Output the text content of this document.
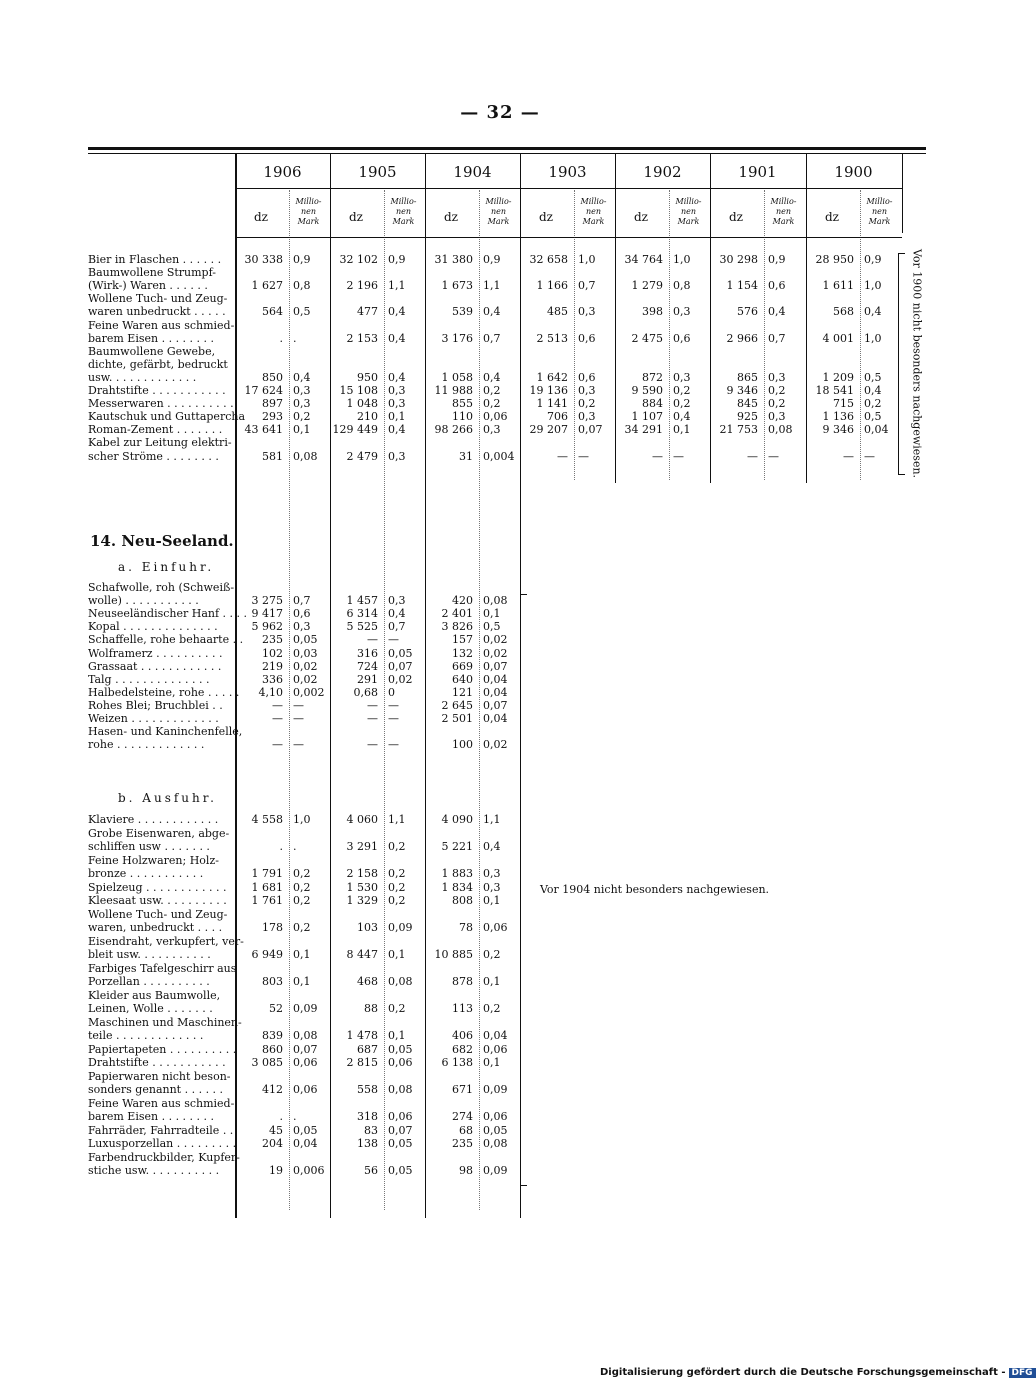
— 32 —
1906
dz
Millio-
nen
Mark
1905
dz
Millio-
nen
Mark
1904
dz
Millio-
nen
Mark
1903
dz
Millio-
nen
Mark
1902
dz
Millio-
nen
Mark
1901
dz
Millio-
nen
Mark
1900
dz
Millio-
nen
Mark
Bier in Flaschen . . . . . .	30 338 0,9	32 102 0,9	31 380 0,9	32 658 1,0	34 764 1,0	30 298 0,9	28 950 0,9
Baumwollene Strumpf-
(Wirk-) Waren . . . . . .	1 627 0,8	2 196 1,1	1 673 1,1	1 166 0,7	1 279 0,8	1 154 0,6	1 611 1,0
Wollene Tuch- und Zeug-
waren unbedruckt . . . . .	564 0,5	477 0,4	539 0,4	485 0,3	398 0,3	576 0,4	568 0,4
Feine Waren aus schmied-
barem Eisen . . . . . . . .	. .	2 153 0,4	3 176 0,7	2 513 0,6	2 475 0,6	2 966 0,7	4 001 1,0
Baumwollene Gewebe,
dichte, gefärbt, bedruckt
usw. . . . . . . . . . . . .	850 0,4	950 0,4	1 058 0,4	1 642 0,6	872 0,3	865 0,3	1 209 0,5
Drahtstifte . . . . . . . . . . .	17 624 0,3	15 108 0,3	11 988 0,2	19 136 0,3	9 590 0,2	9 346 0,2	18 541 0,4
Messerwaren . . . . . . . . . .	897 0,3	1 048 0,3	855 0,2	1 141 0,2	884 0,2	845 0,2	715 0,2
Kautschuk und Guttapercha	293 0,2	210 0,1	110 0,06	706 0,3	1 107 0,4	925 0,3	1 136 0,5
Roman-Zement . . . . . . .	43 641 0,1	129 449 0,4	98 266 0,3	29 207 0,07	34 291 0,1	21 753 0,08	9 346 0,04
Kabel zur Leitung elektri-
scher Ströme . . . . . . . .	581 0,08	2 479 0,3	31 0,004	— —	— —	— —	— —
Schafwolle, roh (Schweiß-
wolle) . . . . . . . . . . .	3 275 0,7	1 457 0,3	420 0,08
Neuseeländischer Hanf . . . . 9 417 0,6	6 314 0,4	2 401 0,1
Kopal . . . . . . . . . . . . . .	5 962 0,3	5 525 0,7	3 826 0,5
Schaffelle, rohe behaarte . .	235 0,05	— —	157 0,02
Wolframerz . . . . . . . . . .	102 0,03	316 0,05	132 0,02
Grassaat . . . . . . . . . . . .	219 0,02	724 0,07	669 0,07
Talg . . . . . . . . . . . . . .	336 0,02	291 0,02	640 0,04
Halbedelsteine, rohe . . . . .	4,10 0,002	0,68 0	121 0,04
Rohes Blei; Bruchblei . .	— —	— —	2 645 0,07
Weizen . . . . . . . . . . . . .	— —	— —	2 501 0,04
Hasen- und Kaninchenfelle,
rohe . . . . . . . . . . . . .	— —	— —	100 0,02
Klaviere . . . . . . . . . . . .	4 558 1,0	4 060 1,1	4 090 1,1
Grobe Eisenwaren, abge-
schliffen usw . . . . . . .	. .	3 291 0,2	5 221 0,4
Feine Holzwaren; Holz-
bronze . . . . . . . . . . .	1 791 0,2	2 158 0,2	1 883 0,3
Spielzeug . . . . . . . . . . . .	1 681 0,2	1 530 0,2	1 834 0,3
Kleesaat usw. . . . . . . . . .	1 761 0,2	1 329 0,2	808 0,1
Wollene Tuch- und Zeug-
waren, unbedruckt . . . .	178 0,2	103 0,09	78 0,06
Eisendraht, verkupfert, ver-
bleit usw. . . . . . . . . . .	6 949 0,1	8 447 0,1	10 885 0,2
Farbiges Tafelgeschirr aus
Porzellan . . . . . . . . . .	803 0,1	468 0,08	878 0,1
Kleider aus Baumwolle,
Leinen, Wolle . . . . . . .	52 0,09	88 0,2	113 0,2
Maschinen und Maschinen-
teile . . . . . . . . . . . . .	839 0,08	1 478 0,1	406 0,04
Papiertapeten . . . . . . . . . .	860 0,07	687 0,05	682 0,06
Drahtstifte . . . . . . . . . . .	3 085 0,06	2 815 0,06	6 138 0,1
Papierwaren nicht beson-
sonders genannt . . . . . .	412 0,06	558 0,08	671 0,09
Feine Waren aus schmied-
barem Eisen . . . . . . . .	. .	318 0,06	274 0,06
Fahrräder, Fahrradteile . .	45 0,05	83 0,07	68 0,05
Luxusporzellan . . . . . . . . .	204 0,04	138 0,05	235 0,08
Farbendruckbilder, Kupfer-
stiche usw. . . . . . . . . . .	19 0,006	56 0,05	98 0,09
14. Neu-Seeland.
a. Einfuhr.
b. Ausfuhr.
Vor 1900 nicht besonders nachgewiesen.
Vor 1904 nicht besonders nachgewiesen.
Digitalisierung gefördert durch die Deutsche Forschungsgemeinschaft - DFG
